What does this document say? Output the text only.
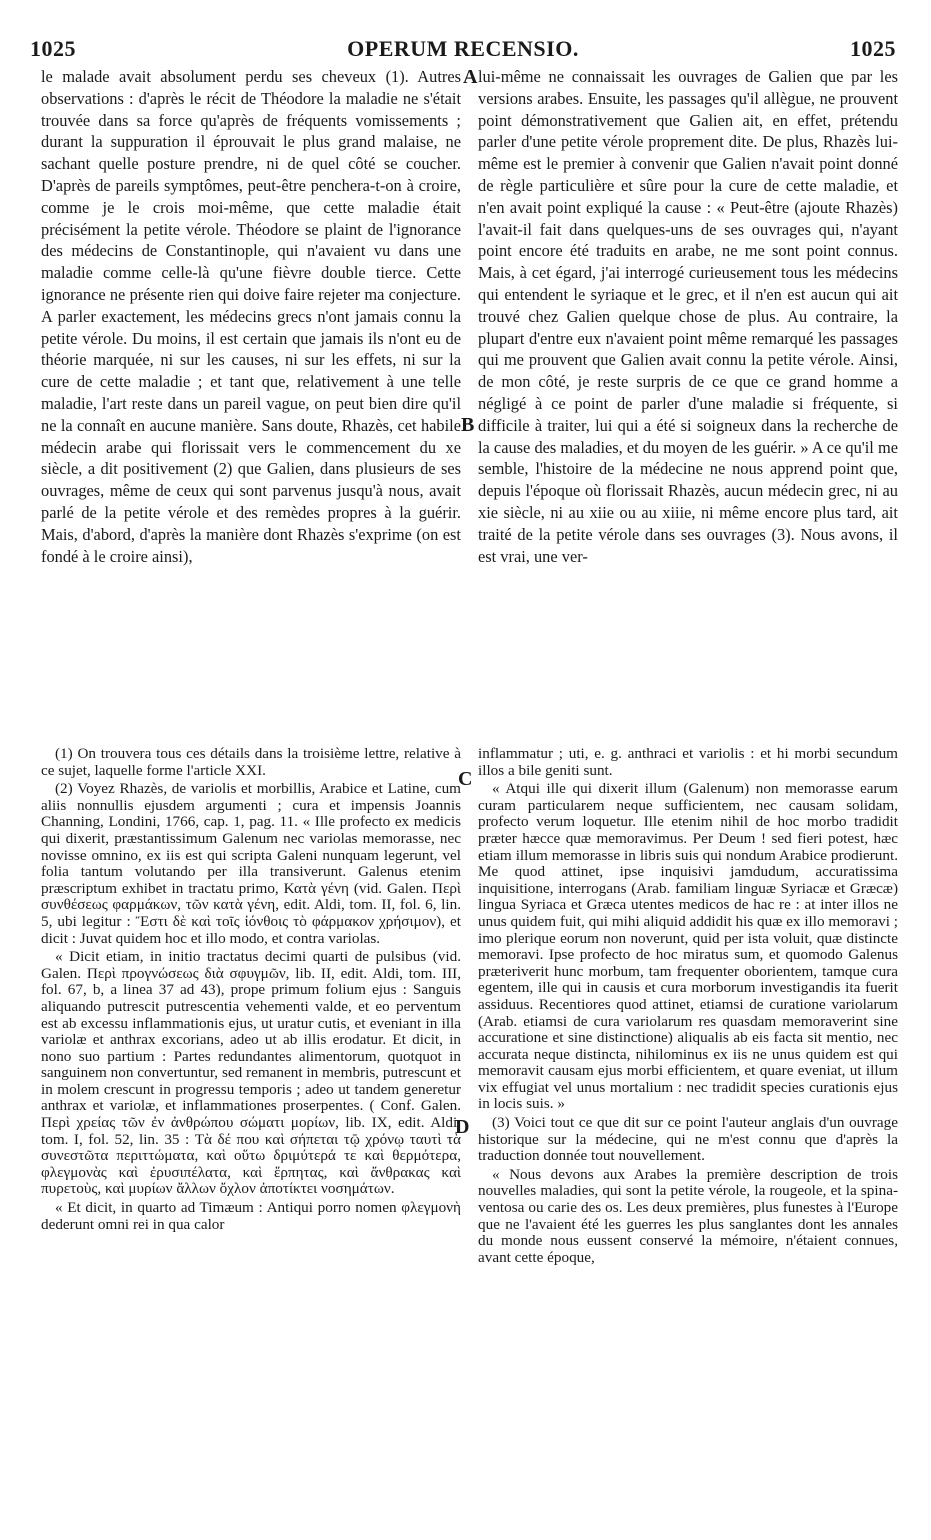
1025	OPERUM RECENSIO.	1025

le malade avait absolument perdu ses cheveux (1). Autres observations : d'après le récit de Théodore la maladie ne s'était trouvée dans sa force qu'après de fréquents vomissements ; durant la suppuration il éprouvait le plus grand malaise, ne sachant quelle posture prendre, ni de quel côté se coucher. D'après de pareils symptômes, peut-être penchera-t-on à croire, comme je le crois moi-même, que cette maladie était précisément la petite vérole. Théodore se plaint de l'ignorance des médecins de Constantinople, qui n'avaient vu dans une maladie comme celle-là qu'une fièvre double tierce. Cette ignorance ne présente rien qui doive faire rejeter ma conjecture. A parler exactement, les médecins grecs n'ont jamais connu la petite vérole. Du moins, il est certain que jamais ils n'ont eu de théorie marquée, ni sur les causes, ni sur les effets, ni sur la cure de cette maladie ; et tant que, relativement à une telle maladie, l'art reste dans un pareil vague, on peut bien dire qu'il ne la connaît en aucune manière. Sans doute, Rhazès, cet habile médecin arabe qui florissait vers le commencement du xe siècle, a dit positivement (2) que Galien, dans plusieurs de ses ouvrages, même de ceux qui sont parvenus jusqu'à nous, avait parlé de la petite vérole et des remèdes propres à la guérir. Mais, d'abord, d'après la manière dont Rhazès s'exprime (on est fondé à le croire ainsi),

lui-même ne connaissait les ouvrages de Galien que par les versions arabes. Ensuite, les passages qu'il allègue, ne prouvent point démonstrativement que Galien ait, en effet, prétendu parler d'une petite vérole proprement dite. De plus, Rhazès lui-même est le premier à convenir que Galien n'avait point donné de règle particulière et sûre pour la cure de cette maladie, et n'en avait point expliqué la cause : « Peut-être (ajoute Rhazès) l'avait-il fait dans quelques-uns de ses ouvrages qui, n'ayant point encore été traduits en arabe, ne me sont point connus. Mais, à cet égard, j'ai interrogé curieusement tous les médecins qui entendent le syriaque et le grec, et il n'en est aucun qui ait trouvé chez Galien quelque chose de plus. Au contraire, la plupart d'entre eux n'avaient point même remarqué les passages qui me prouvent que Galien avait connu la petite vérole. Ainsi, de mon côté, je reste surpris de ce que ce grand homme a négligé à ce point de parler d'une maladie si fréquente, si difficile à traiter, lui qui a été si soigneux dans la recherche de la cause des maladies, et du moyen de les guérir. » A ce qu'il me semble, l'histoire de la médecine ne nous apprend point que, depuis l'époque où florissait Rhazès, aucun médecin grec, ni au xie siècle, ni au xiie ou au xiiie, ni même encore plus tard, ait traité de la petite vérole dans ses ouvrages (3). Nous avons, il est vrai, une ver-

A
B
C
D

(1) On trouvera tous ces détails dans la troisième lettre, relative à ce sujet, laquelle forme l'article XXI.

(2) Voyez Rhazès, de variolis et morbillis, Arabice et Latine, cum aliis nonnullis ejusdem argumenti ; cura et impensis Joannis Channing, Londini, 1766, cap. 1, pag. 11. « Ille profecto ex medicis qui dixerit, præstantissimum Galenum nec variolas memorasse, nec novisse omnino, ex iis est qui scripta Galeni nunquam legerunt, vel folia tantum volutando per illa transiverunt. Galenus etenim præscriptum exhibet in tractatu primo, Κατὰ γένη (vid. Galen. Περὶ συνθέσεως φαρμάκων, τῶν κατὰ γένη, edit. Aldi, tom. II, fol. 6, lin. 5, ubi legitur : Ἔστι δὲ καὶ τοῖς ἰόνθοις τὸ φάρμακον χρήσιμον), et dicit : Juvat quidem hoc et illo modo, et contra variolas.

« Dicit etiam, in initio tractatus decimi quarti de pulsibus (vid. Galen. Περὶ προγνώσεως διὰ σφυγμῶν, lib. II, edit. Aldi, tom. III, fol. 67, b, a linea 37 ad 43), prope primum folium ejus : Sanguis aliquando putrescit putrescentia vehementi valde, et eo perventum est ab excessu inflammationis ejus, ut uratur cutis, et eveniant in illa variolæ et anthrax excorians, adeo ut ab illis erodatur. Et dicit, in nono suo partium : Partes redundantes alimentorum, quotquot in sanguinem non convertuntur, sed remanent in membris, putrescunt et in molem crescunt in progressu temporis ; adeo ut tandem generetur anthrax et variolæ, et inflammationes proserpentes. ( Conf. Galen. Περὶ χρείας τῶν ἐν ἀνθρώπου σώματι μορίων, lib. IX, edit. Aldi, tom. I, fol. 52, lin. 35 : Τὰ δέ που καὶ σήπεται τῷ χρόνῳ ταυτὶ τὰ συνεστῶτα περιττώματα, καὶ οὕτω δριμύτερά τε καὶ θερμότερα, φλεγμονὰς καὶ ἐρυσιπέλατα, καὶ ἕρπητας, καὶ ἄνθρακας καὶ πυρετοὺς, καὶ μυρίων ἄλλων ὄχλον ἀποτίκτει νοσημάτων.

« Et dicit, in quarto ad Timæum : Antiqui porro nomen φλεγμονὴ dederunt omni rei in qua calor

inflammatur ; uti, e. g. anthraci et variolis : et hi morbi secundum illos a bile geniti sunt.

« Atqui ille qui dixerit illum (Galenum) non memorasse earum curam particularem neque sufficientem, nec causam solidam, profecto verum loquetur. Ille etenim nihil de hoc morbo tradidit præter hæcce quæ memoravimus. Per Deum ! sed fieri potest, hæc etiam illum memorasse in libris suis qui nondum Arabice prodierunt. Me quod attinet, ipse inquisivi jamdudum, accuratissima inquisitione, interrogans (Arab. familiam linguæ Syriacæ et Græcæ) lingua Syriaca et Græca utentes medicos de hac re : at inter illos ne unus quidem fuit, qui mihi aliquid addidit his quæ ex illo memoravi ; imo plerique eorum non noverunt, quid per ista voluit, quæ distincte memoravi. Ipse profecto de hoc miratus sum, et quomodo Galenus præteriverit hunc morbum, tam frequenter oborientem, tamque cura egentem, ille qui in causis et cura morborum investigandis ita fuerit assiduus. Recentiores quod attinet, etiamsi de curatione variolarum (Arab. etiamsi de cura variolarum res quasdam memoraverint sine accuratione et sine distinctione) aliqualis ab eis facta sit mentio, nec accurata neque distincta, nihilominus ex iis ne unus quidem est qui memoravit causam ejus morbi efficientem, et quare eveniat, ut illum vix effugiat vel unus mortalium : nec tradidit species curationis ejus in locis suis. »

(3) Voici tout ce que dit sur ce point l'auteur anglais d'un ouvrage historique sur la médecine, qui ne m'est connu que d'après la traduction donnée tout nouvellement.

« Nous devons aux Arabes la première description de trois nouvelles maladies, qui sont la petite vérole, la rougeole, et la spina-ventosa ou carie des os. Les deux premières, plus funestes à l'Europe que ne l'avaient été les guerres les plus sanglantes dont les annales du monde nous eussent conservé la mémoire, n'étaient connues, avant cette époque,
